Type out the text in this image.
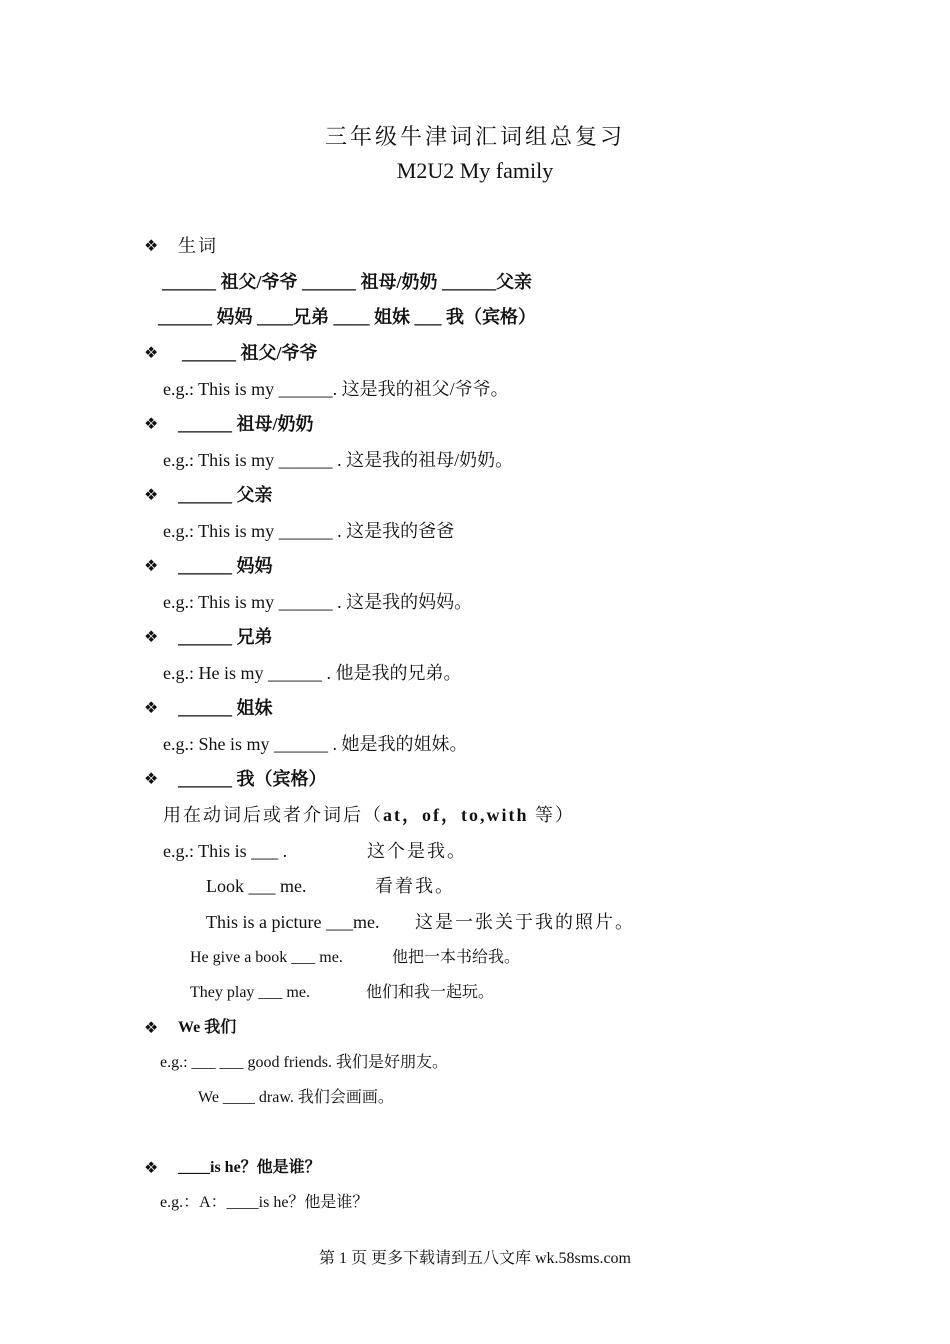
三年级牛津词汇词组总复习
M2U2 My family
❖ 生词
______ 祖父/爷爷 ______ 祖母/奶奶 ______父亲
______ 妈妈 ____兄弟 ____ 姐妹 ___ 我（宾格）
❖ ______ 祖父/爷爷
e.g.: This is my ______. 这是我的祖父/爷爷。
❖ ______ 祖母/奶奶
e.g.: This is my ______ . 这是我的祖母/奶奶。
❖ ______ 父亲
e.g.: This is my ______ . 这是我的爸爸
❖ ______ 妈妈
e.g.: This is my ______ . 这是我的妈妈。
❖ ______ 兄弟
e.g.: He is my ______ . 他是我的兄弟。
❖ ______ 姐妹
e.g.: She is my ______ . 她是我的姐妹。
❖ ______ 我（宾格）
用在动词后或者介词后（at，of，to,with 等）
e.g.: This is ___ .	这个是我。
Look ___ me.	看着我。
This is a picture ___me. 这是一张关于我的照片。
He give a book ___ me.	他把一本书给我。
They play ___ me.	他们和我一起玩。
❖ We 我们
e.g.: ___ ___ good friends. 我们是好朋友。
We ____ draw. 我们会画画。
❖ ____is he？他是谁？
e.g.：A：____is he？他是谁？
第 1 页 更多下载请到五八文库 wk.58sms.com
